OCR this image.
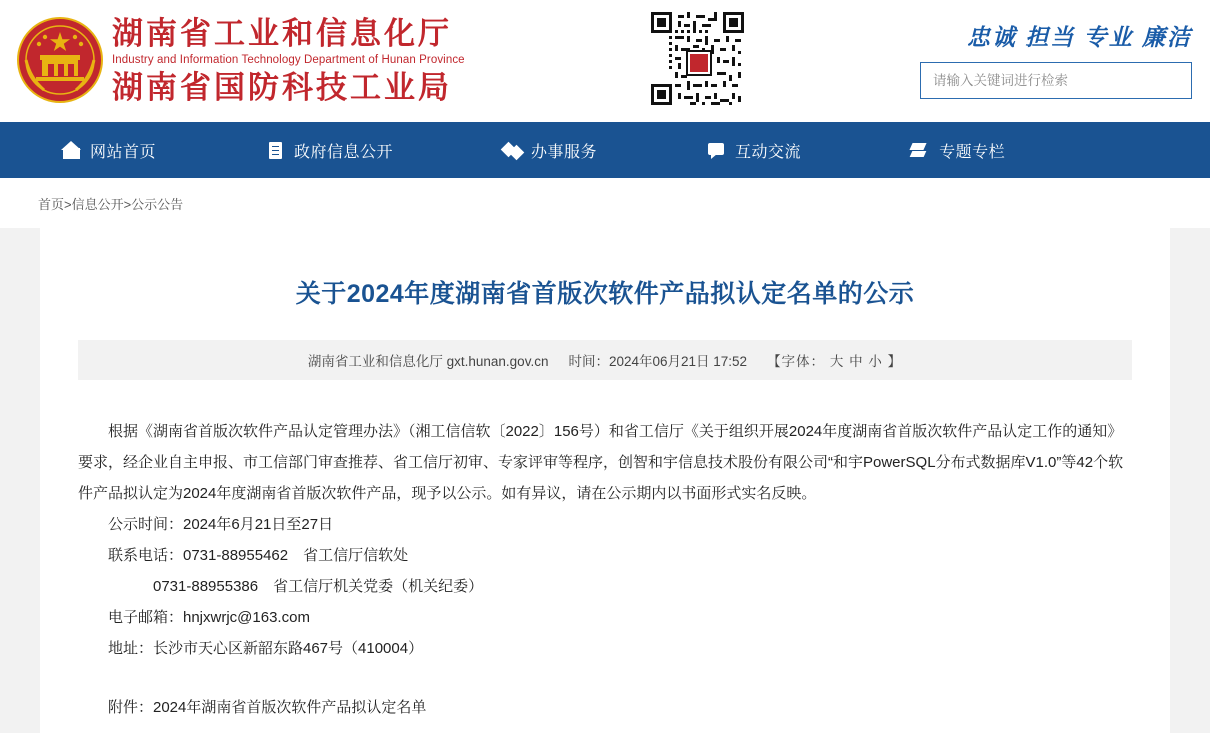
湖南省工业和信息化厅
Industry and Information Technology Department of Hunan Province
湖南省国防科技工业局
忠诚 担当 专业 廉洁
请输入关键词进行检索
网站首页	政府信息公开	办事服务	互动交流	专题专栏
首页>信息公开>公示公告
关于2024年度湖南省首版次软件产品拟认定名单的公示
湖南省工业和信息化厅 gxt.hunan.gov.cn 时间： 2024年06月21日 17:52 【字体： 大 中 小 】

根据《湖南省首版次软件产品认定管理办法》（湘工信信软〔2022〕156号）和省工信厅《关于组织开展2024年度湖南省首版次软件产品认定工作的通知》要求，经企业自主申报、市工信部门审查推荐、省工信厅初审、专家评审等程序，创智和宇信息技术股份有限公司“和宇PowerSQL分布式数据库V1.0”等42个软件产品拟认定为2024年度湖南省首版次软件产品，现予以公示。如有异议，请在公示期内以书面形式实名反映。

公示时间：2024年6月21日至27日

联系电话：0731-88955462　省工信厅信软处

0731-88955386　省工信厅机关党委（机关纪委）

电子邮箱：hnjxwrjc@163.com

地址：长沙市天心区新韶东路467号（410004）

附件：2024年湖南省首版次软件产品拟认定名单
